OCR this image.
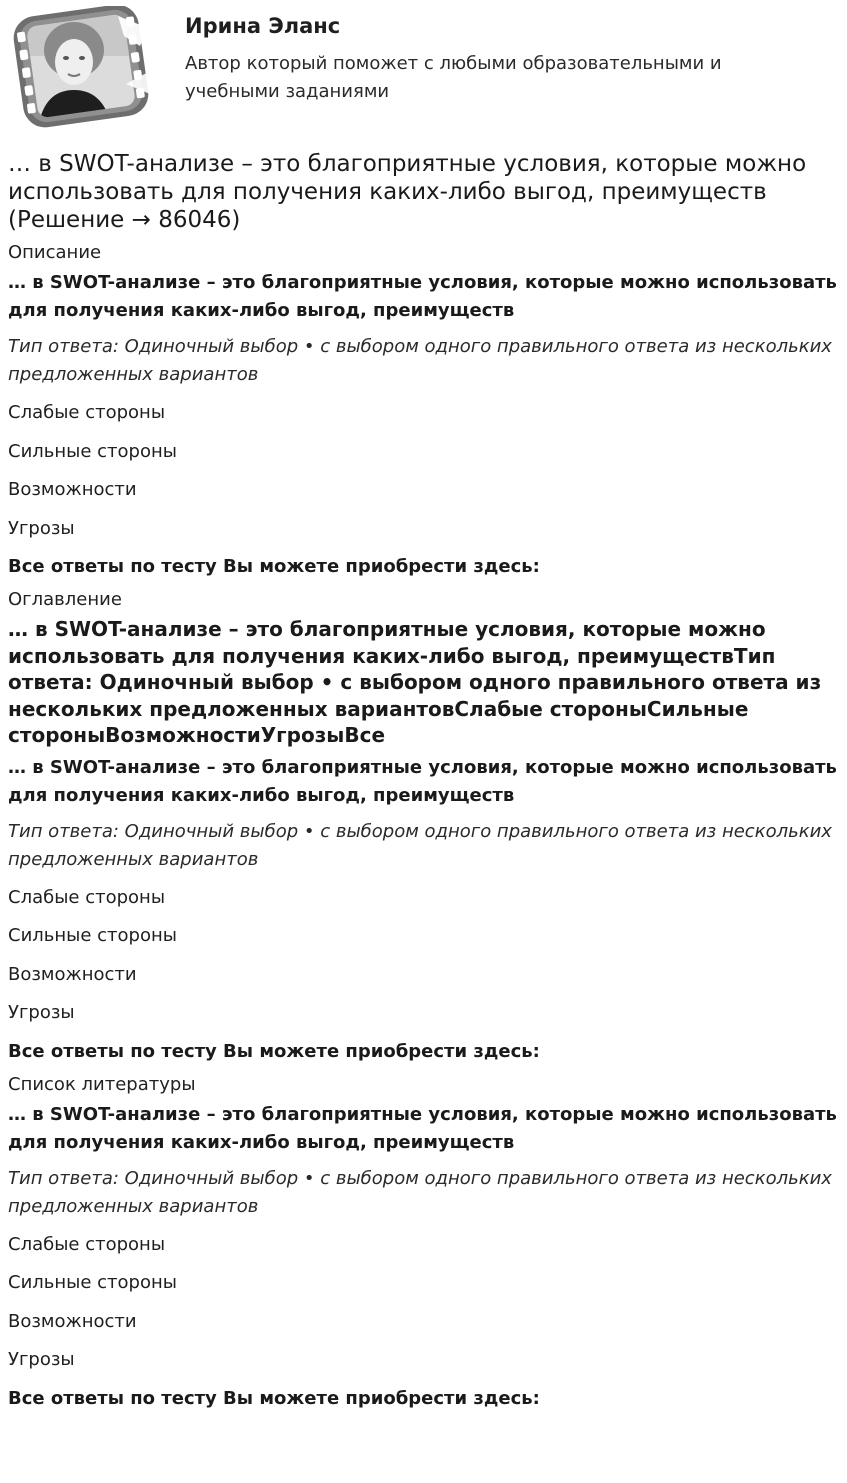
Ирина Эланс

Автор который поможет с любыми образовательными и учебными заданиями

… в SWOT-анализе – это благоприятные условия, которые можно использовать для получения каких-либо выгод, преимуществ (Решение → 86046)
Описание

… в SWOT-анализе – это благоприятные условия, которые можно использовать для получения каких-либо выгод, преимуществ

Тип ответа: Одиночный выбор • с выбором одного правильного ответа из нескольких предложенных вариантов

Слабые стороны
Сильные стороны
Возможности
Угрозы

Все ответы по тесту Вы можете приобрести здесь:

Оглавление

… в SWOT-анализе – это благоприятные условия, которые можно использовать для получения каких-либо выгод, преимуществТип ответа: Одиночный выбор • с выбором одного правильного ответа из нескольких предложенных вариантовСлабые стороныСильные стороныВозможностиУгрозыВсе

… в SWOT-анализе – это благоприятные условия, которые можно использовать для получения каких-либо выгод, преимуществ

Тип ответа: Одиночный выбор • с выбором одного правильного ответа из нескольких предложенных вариантов

Слабые стороны
Сильные стороны
Возможности
Угрозы

Все ответы по тесту Вы можете приобрести здесь:

Список литературы

… в SWOT-анализе – это благоприятные условия, которые можно использовать для получения каких-либо выгод, преимуществ

Тип ответа: Одиночный выбор • с выбором одного правильного ответа из нескольких предложенных вариантов

Слабые стороны
Сильные стороны
Возможности
Угрозы

Все ответы по тесту Вы можете приобрести здесь:
